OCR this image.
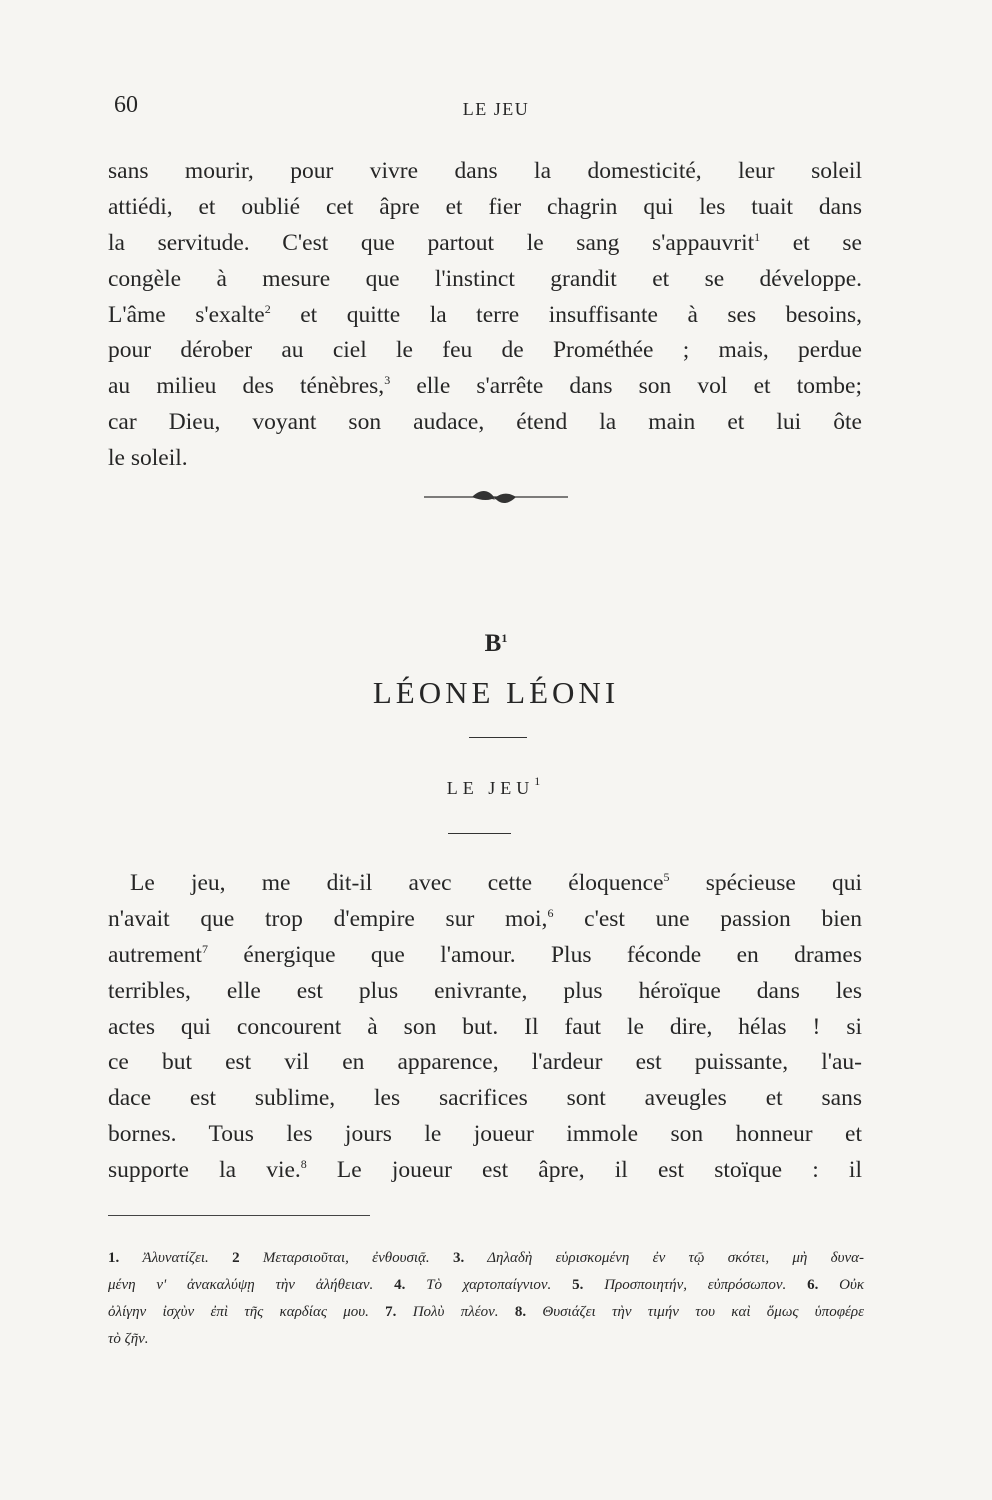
60	LE JEU
sans mourir, pour vivre dans la domesticité, leur soleil
attiédi, et oublié cet âpre et fier chagrin qui les tuait dans
la servitude. C'est que partout le sang s'appauvrit$^1$ et se
congèle à mesure que l'instinct grandit et se développe.
L'âme s'exalte$^2$ et quitte la terre insuffisante à ses besoins,
pour dérober au ciel le feu de Prométhée ; mais, perdue
au milieu des ténèbres,$^3$ elle s'arrête dans son vol et tombe;
car Dieu, voyant son audace, étend la main et lui ôte
le soleil.
$B^1$
LÉONE LÉONI
LE JEU$^1$
Le jeu, me dit-il avec cette éloquence$^5$ spécieuse qui
n'avait que trop d'empire sur moi,$^6$ c'est une passion bien
autrement$^7$ énergique que l'amour. Plus féconde en drames
terribles, elle est plus enivrante, plus héroïque dans les
actes qui concourent à son but. Il faut le dire, hélas ! si
ce but est vil en apparence, l'ardeur est puissante, l'au-
dace est sublime, les sacrifices sont aveugles et sans
bornes. Tous les jours le joueur immole son honneur et
supporte la vie.$^8$ Le joueur est âpre, il est stoïque : il
1. Ἀλυνατίζει. 2 Μεταρσιοῦται, ἐνθουσιᾷ. 3. Δηλαδὴ εὑρισκομένη ἐν τῷ σκότει, μὴ δυνα-
μένη ν' ἀνακαλύψῃ τὴν ἀλήθειαν. 4. Τὸ χαρτοπαίγνιον. 5. Προσποιητήν, εὐπρόσωπον. 6. Οὐκ
ὀλίγην ἰσχὺν ἐπὶ τῆς καρδίας μου. 7. Πολὺ πλέον. 8. Θυσιάζει τὴν τιμήν του καὶ ὅμως ὑποφέρε
τὸ ζῆν.
